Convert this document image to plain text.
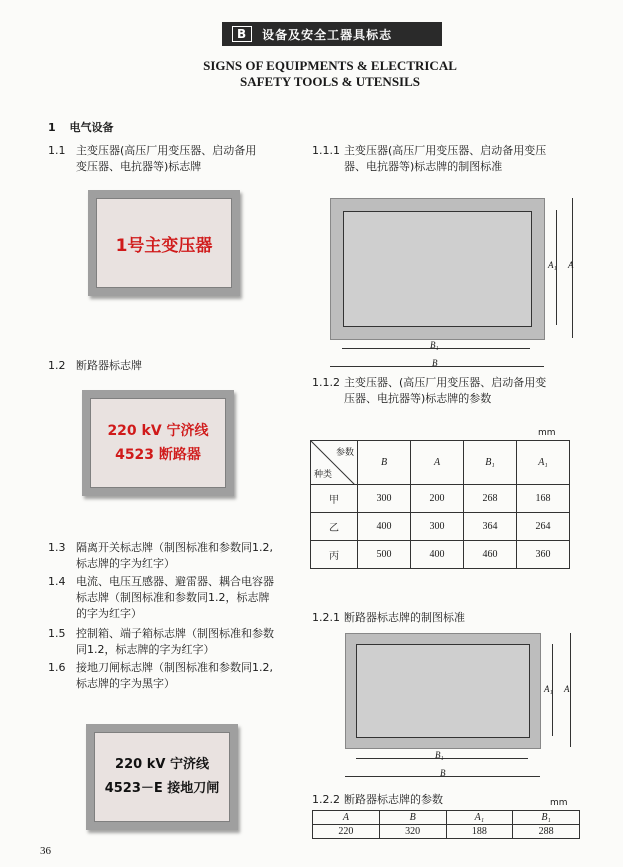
B	设备及安全工器具标志
SIGNS OF EQUIPMENTS & ELECTRICAL
SAFETY TOOLS & UTENSILS
1 电气设备
1.1 主变压器(高压厂用变压器、启动备用
变压器、电抗器等)标志牌
1号主变压器
1.1.1 主变压器(高压厂用变压器、启动备用变压
器、电抗器等)标志牌的制图标准
B₁
B
A₁ A
1.1.2 主变压器、(高压厂用变压器、启动备用变
压器、电抗器等)标志牌的参数
mm
参数
种类	B	A	B₁	A₁
甲	300	200	268	168
乙	400	300	364	264
丙	500	400	460	360
1.2 断路器标志牌
220 kV 宁济线
4523 断路器
1.3 隔离开关标志牌（制图标准和参数同1.2,
标志牌的字为红字）
1.4 电流、电压互感器、避雷器、耦合电容器
标志牌（制图标准和参数同1.2，标志牌
的字为红字）
1.5 控制箱、端子箱标志牌（制图标准和参数
同1.2，标志牌的字为红字）
1.6 接地刀闸标志牌（制图标准和参数同1.2,
标志牌的字为黑字）
220 kV 宁济线
4523－E 接地刀闸
1.2.1 断路器标志牌的制图标准
B₁
B
A₁ A
1.2.2 断路器标志牌的参数	mm
A	B	A₁	B₁
220	320	188	288
36
